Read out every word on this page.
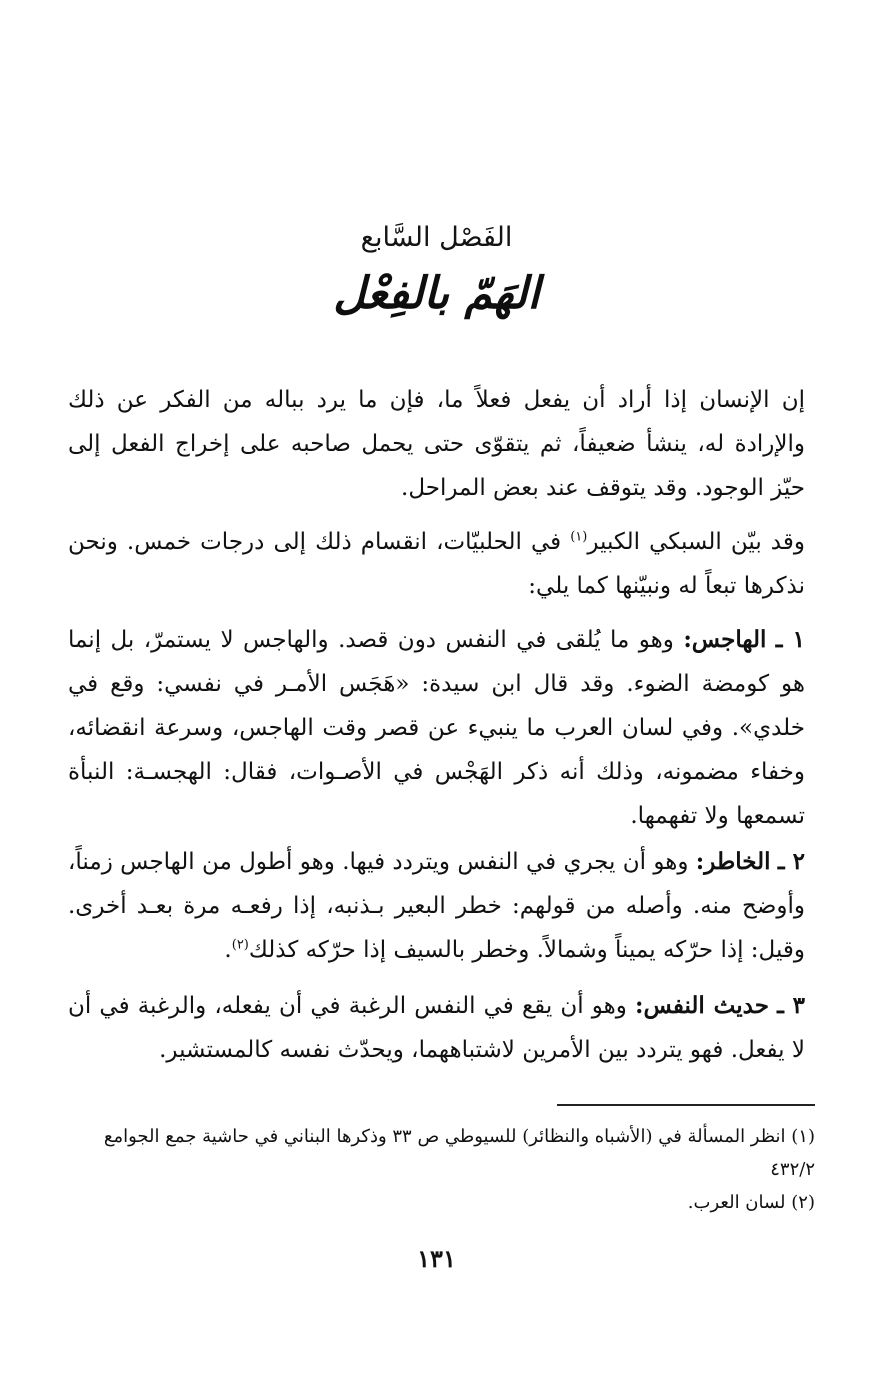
الفَصْل السَّابع
الهَمّ بالفِعْل

إن الإنسان إذا أراد أن يفعل فعلاً ما، فإن ما يرد بباله من الفكر عن ذلك والإرادة له، ينشأ ضعيفاً، ثم يتقوّى حتى يحمل صاحبه على إخراج الفعل إلى حيّز الوجود. وقد يتوقف عند بعض المراحل.

وقد بيّن السبكي الكبير$^{(١)}$ في الحلبيّات، انقسام ذلك إلى درجات خمس. ونحن نذكرها تبعاً له ونبيّنها كما يلي:

١ ـ الهاجس: وهو ما يُلقى في النفس دون قصد. والهاجس لا يستمرّ، بل إنما هو كومضة الضوء. وقد قال ابن سيدة: «هَجَس الأمـر في نفسي: وقع في خلدي». وفي لسان العرب ما ينبيء عن قصر وقت الهاجس، وسرعة انقضائه، وخفاء مضمونه، وذلك أنه ذكر الهَجْس في الأصـوات، فقال: الهجسـة: النبأة تسمعها ولا تفهمها.

٢ ـ الخاطر: وهو أن يجري في النفس ويتردد فيها. وهو أطول من الهاجس زمناً، وأوضح منه. وأصله من قولهم: خطر البعير بـذنبه، إذا رفعـه مرة بعـد أخرى. وقيل: إذا حرّكه يميناً وشمالاً. وخطر بالسيف إذا حرّكه كذلك$^{(٢)}$.

٣ ـ حديث النفس: وهو أن يقع في النفس الرغبة في أن يفعله، والرغبة في أن لا يفعل. فهو يتردد بين الأمرين لاشتباههما، ويحدّث نفسه كالمستشير.

(١) انظر المسألة في (الأشباه والنظائر) للسيوطي ص ٣٣ وذكرها البناني في حاشية جمع الجوامع

٤٣٢/٢

(٢) لسان العرب.

١٣١
